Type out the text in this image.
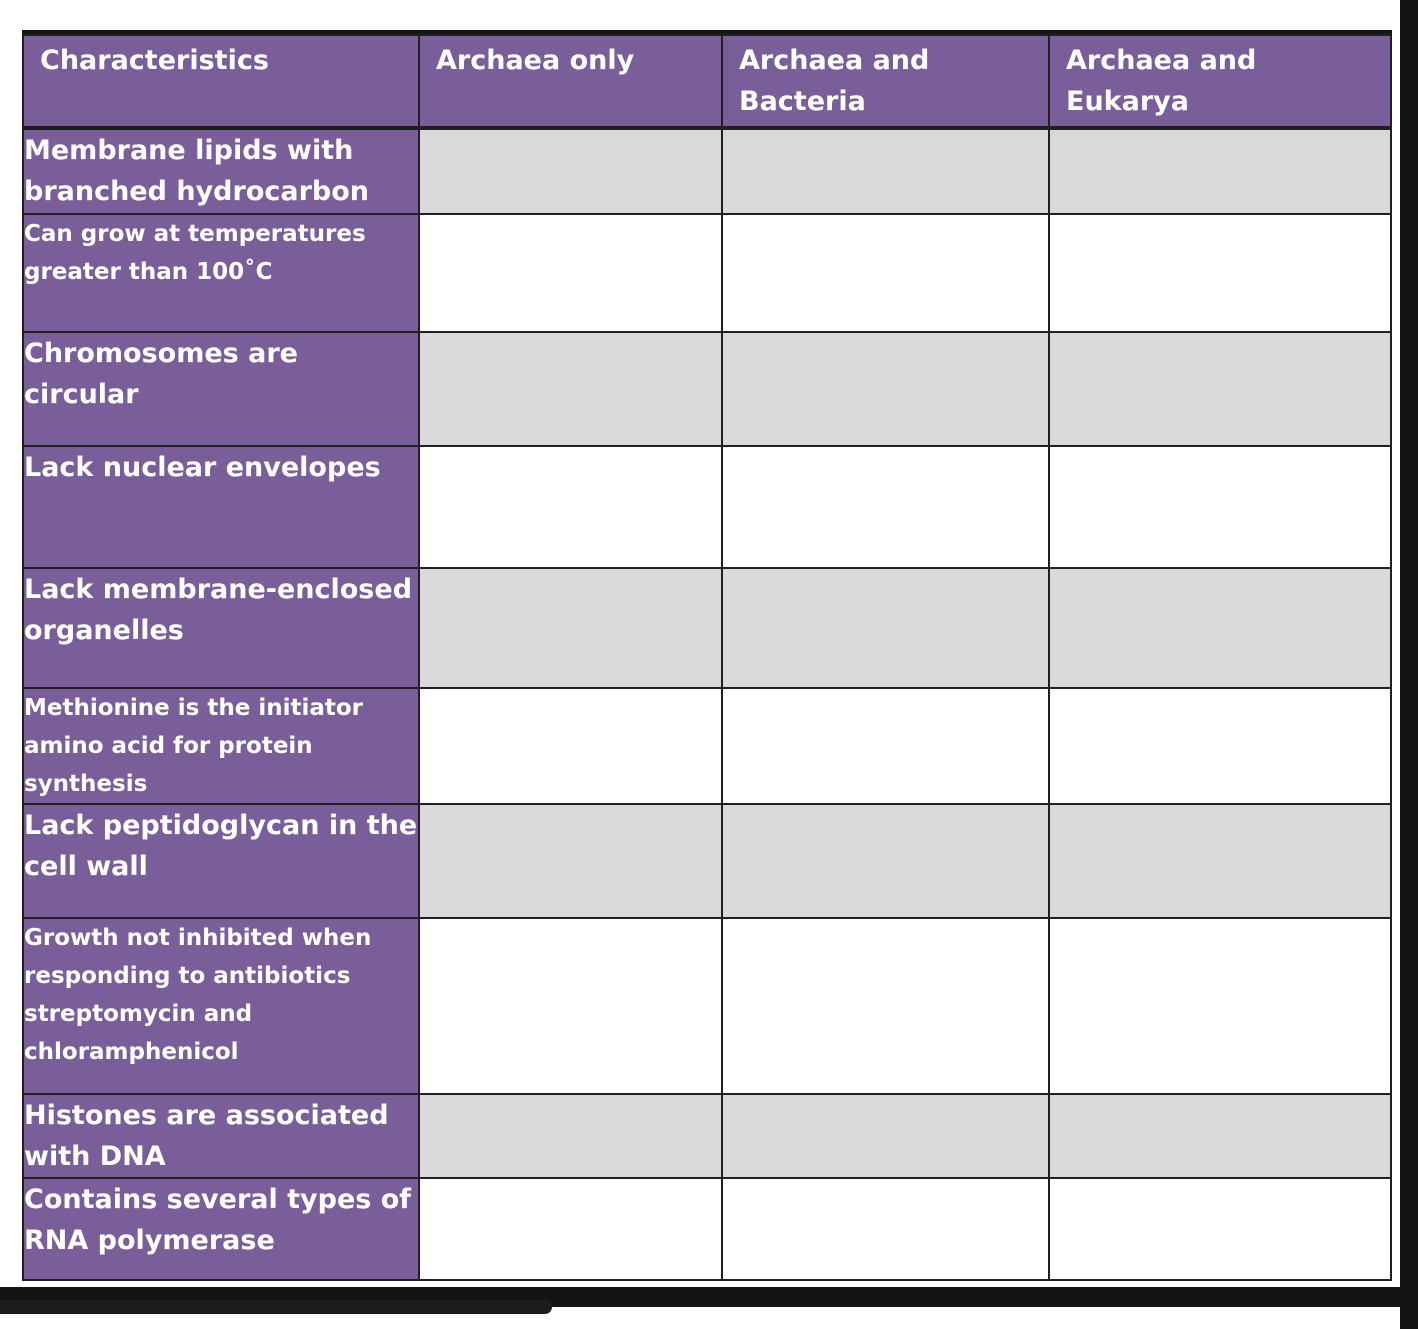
Characteristics	Archaea only	Archaea and Bacteria	Archaea and Eukarya
Membrane lipids with branched hydrocarbon			
Can grow at temperatures greater than 100˚C			
Chromosomes are circular			
Lack nuclear envelopes			
Lack membrane-enclosed organelles			
Methionine is the initiator amino acid for protein synthesis			
Lack peptidoglycan in the cell wall			
Growth not inhibited when responding to antibiotics streptomycin and chloramphenicol			
Histones are associated with DNA			
Contains several types of RNA polymerase			
